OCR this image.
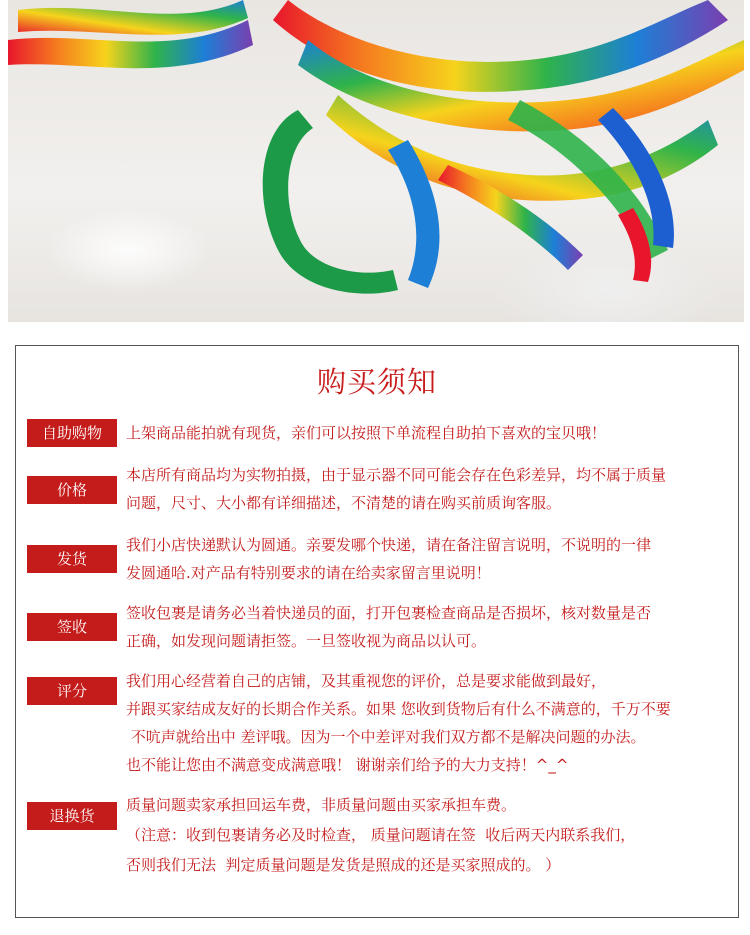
购买须知
自助购物	上架商品能拍就有现货，亲们可以按照下单流程自助拍下喜欢的宝贝哦！
价格
本店所有商品均为实物拍摄，由于显示器不同可能会存在色彩差异，均不属于质量
问题，尺寸、大小都有详细描述，不清楚的请在购买前质询客服。
发货
我们小店快递默认为圆通。亲要发哪个快递，请在备注留言说明，不说明的一律
发圆通哈.对产品有特别要求的请在给卖家留言里说明！
签收
签收包裹是请务必当着快递员的面，打开包裹检查商品是否损坏，核对数量是否
正确，如发现问题请拒签。一旦签收视为商品以认可。
评分
我们用心经营着自己的店铺，及其重视您的评价，总是要求能做到最好，
并跟买家结成友好的长期合作关系。如果 您收到货物后有什么不满意的，千万不要
不吭声就给出中 差评哦。因为一个中差评对我们双方都不是解决问题的办法。
也不能让您由不满意变成满意哦！ 谢谢亲们给予的大力支持！^_^
退换货
质量问题卖家承担回运车费，非质量问题由买家承担车费。
（注意：收到包裹请务必及时检查， 质量问题请在签  收后两天内联系我们，
否则我们无法  判定质量问题是发货是照成的还是买家照成的。 ）
